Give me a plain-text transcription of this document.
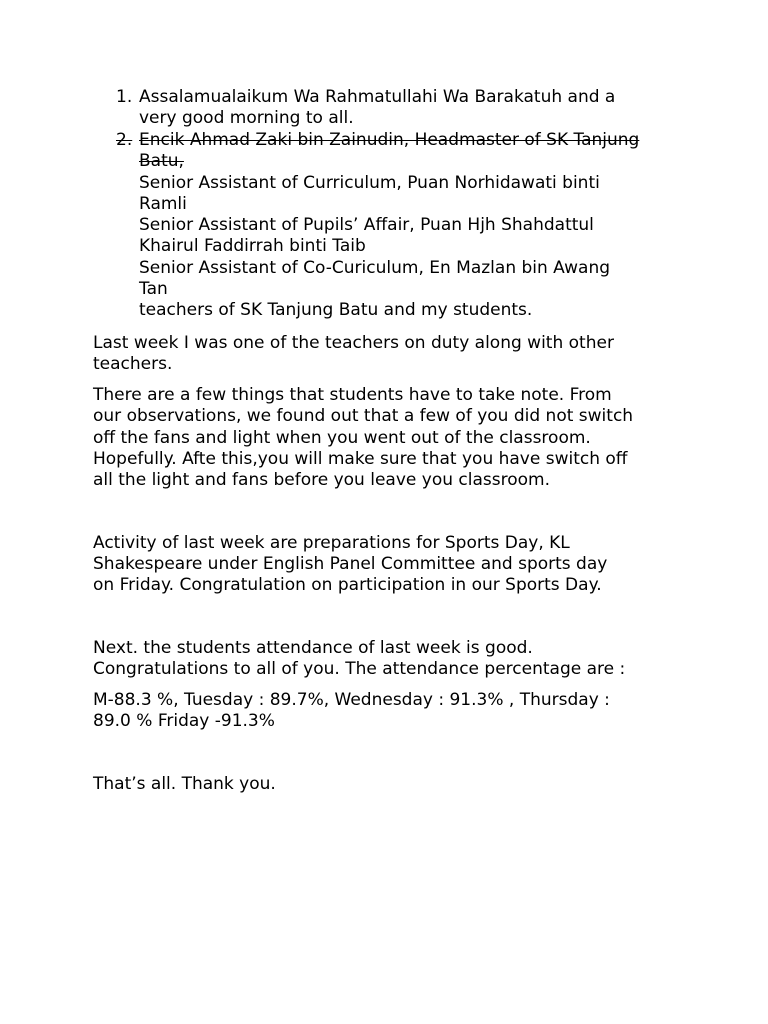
1. Assalamualaikum Wa Rahmatullahi Wa Barakatuh and a
very good morning to all.
2. Encik Ahmad Zaki bin Zainudin, Headmaster of SK Tanjung
Batu,
Senior Assistant of Curriculum, Puan Norhidawati binti
Ramli
Senior Assistant of Pupils’ Affair, Puan Hjh Shahdattul
Khairul Faddirrah binti Taib
Senior Assistant of Co-Curiculum, En Mazlan bin Awang
Tan
teachers of SK Tanjung Batu and my students.
Last week I was one of the teachers on duty along with other
teachers.
There are a few things that students have to take note. From
our observations, we found out that a few of you did not switch
off the fans and light when you went out of the classroom.
Hopefully. Afte this,you will make sure that you have switch off
all the light and fans before you leave you classroom.
Activity of last week are preparations for Sports Day, KL
Shakespeare under English Panel Committee and sports day
on Friday. Congratulation on participation in our Sports Day.
Next. the students attendance of last week is good.
Congratulations to all of you. The attendance percentage are :
M-88.3 %, Tuesday : 89.7%, Wednesday : 91.3% , Thursday :
89.0 % Friday -91.3%
That’s all. Thank you.
